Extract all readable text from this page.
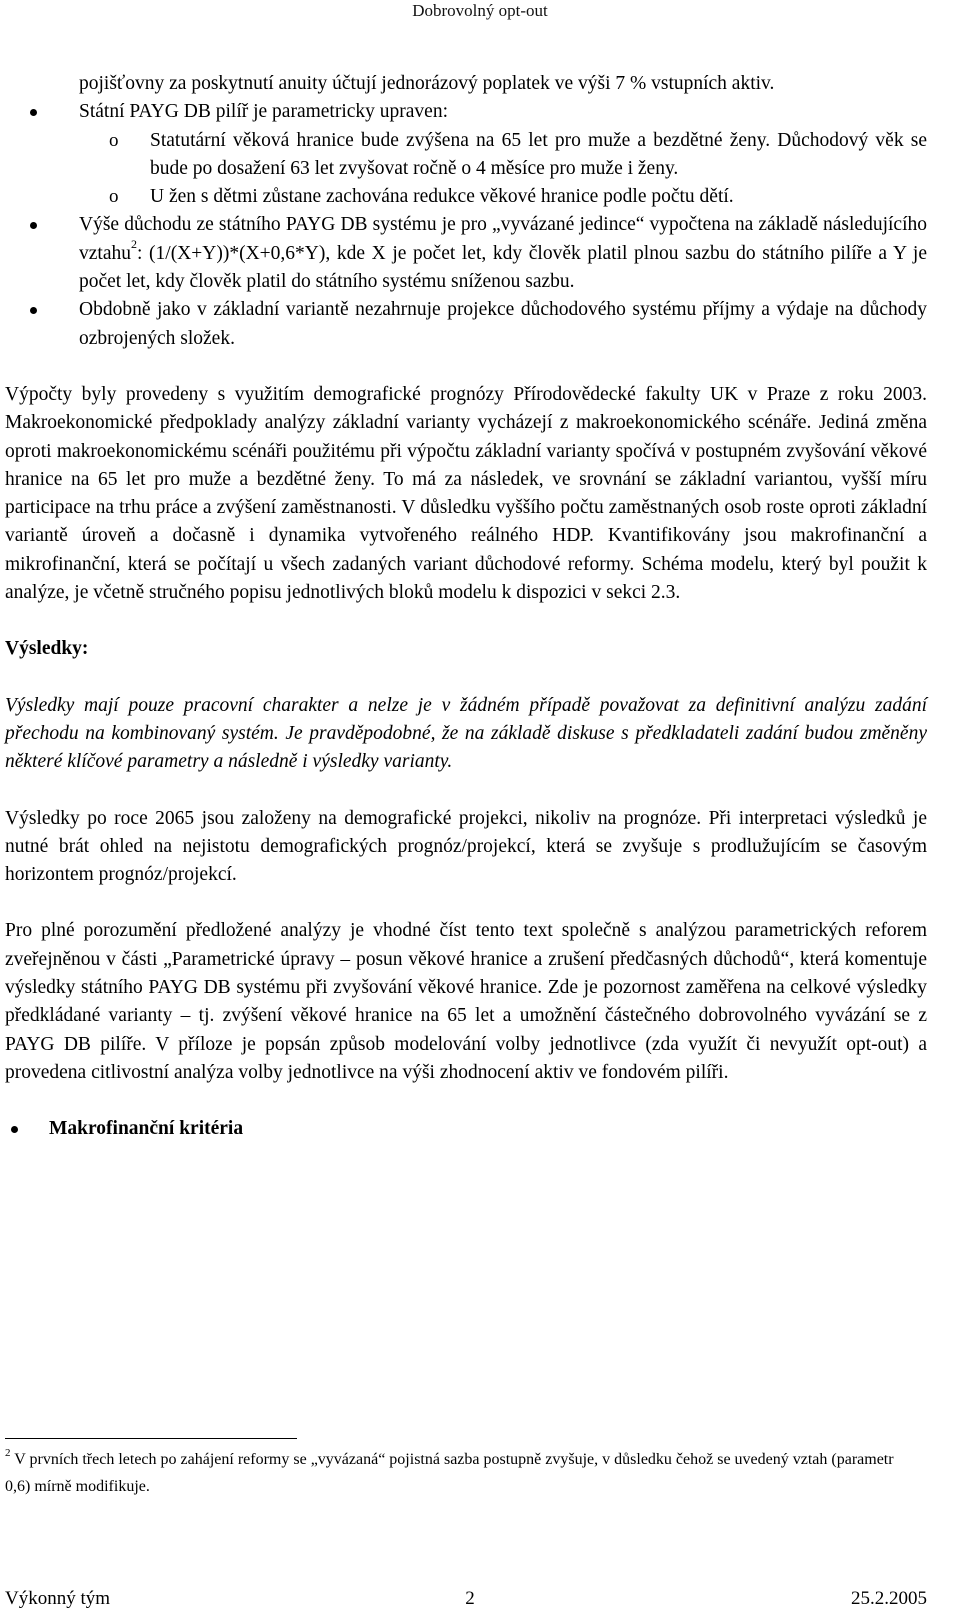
Dobrovolný opt-out
pojišťovny za poskytnutí anuity účtují jednorázový poplatek ve výši 7 % vstupních aktiv.
Státní PAYG DB pilíř je parametricky upraven:
o Statutární věková hranice bude zvýšena na 65 let pro muže a bezdětné ženy. Důchodový věk se bude po dosažení 63 let zvyšovat ročně o 4 měsíce pro muže i ženy.
o U žen s dětmi zůstane zachována redukce věkové hranice podle počtu dětí.
Výše důchodu ze státního PAYG DB systému je pro „vyvázané jedince“ vypočtena na základě následujícího vztahu$^2$: (1/(X+Y))*(X+0,6*Y), kde X je počet let, kdy člověk platil plnou sazbu do státního pilíře a Y je počet let, kdy člověk platil do státního systému sníženou sazbu.
Obdobně jako v základní variantě nezahrnuje projekce důchodového systému příjmy a výdaje na důchody ozbrojených složek.

Výpočty byly provedeny s využitím demografické prognózy Přírodovědecké fakulty UK v Praze z roku 2003. Makroekonomické předpoklady analýzy základní varianty vycházejí z makroekonomického scénáře. Jediná změna oproti makroekonomickému scénáři použitému při výpočtu základní varianty spočívá v postupném zvyšování věkové hranice na 65 let pro muže a bezdětné ženy. To má za následek, ve srovnání se základní variantou, vyšší míru participace na trhu práce a zvýšení zaměstnanosti. V důsledku vyššího počtu zaměstnaných osob roste oproti základní variantě úroveň a dočasně i dynamika vytvořeného reálného HDP. Kvantifikovány jsou makrofinanční a mikrofinanční, která se počítají u všech zadaných variant důchodové reformy. Schéma modelu, který byl použit k analýze, je včetně stručného popisu jednotlivých bloků modelu k dispozici v sekci 2.3.

Výsledky:

Výsledky mají pouze pracovní charakter a nelze je v žádném případě považovat za definitivní analýzu zadání přechodu na kombinovaný systém. Je pravděpodobné, že na základě diskuse s předkladateli zadání budou změněny některé klíčové parametry a následně i výsledky varianty.

Výsledky po roce 2065 jsou založeny na demografické projekci, nikoliv na prognóze. Při interpretaci výsledků je nutné brát ohled na nejistotu demografických prognóz/projekcí, která se zvyšuje s prodlužujícím se časovým horizontem prognóz/projekcí.

Pro plné porozumění předložené analýzy je vhodné číst tento text společně s analýzou parametrických reforem zveřejněnou v části „Parametrické úpravy – posun věkové hranice a zrušení předčasných důchodů“, která komentuje výsledky státního PAYG DB systému při zvyšování věkové hranice. Zde je pozornost zaměřena na celkové výsledky předkládané varianty – tj. zvýšení věkové hranice na 65 let a umožnění částečného dobrovolného vyvázání se z PAYG DB pilíře. V příloze je popsán způsob modelování volby jednotlivce (zda využít či nevyužít opt-out) a provedena citlivostní analýza volby jednotlivce na výši zhodnocení aktiv ve fondovém pilíři.

Makrofinanční kritéria

$^2$ V prvních třech letech po zahájení reformy se „vyvázaná“ pojistná sazba postupně zvyšuje, v důsledku čehož se uvedený vztah (parametr 0,6) mírně modifikuje.
Výkonný tým	2	25.2.2005
